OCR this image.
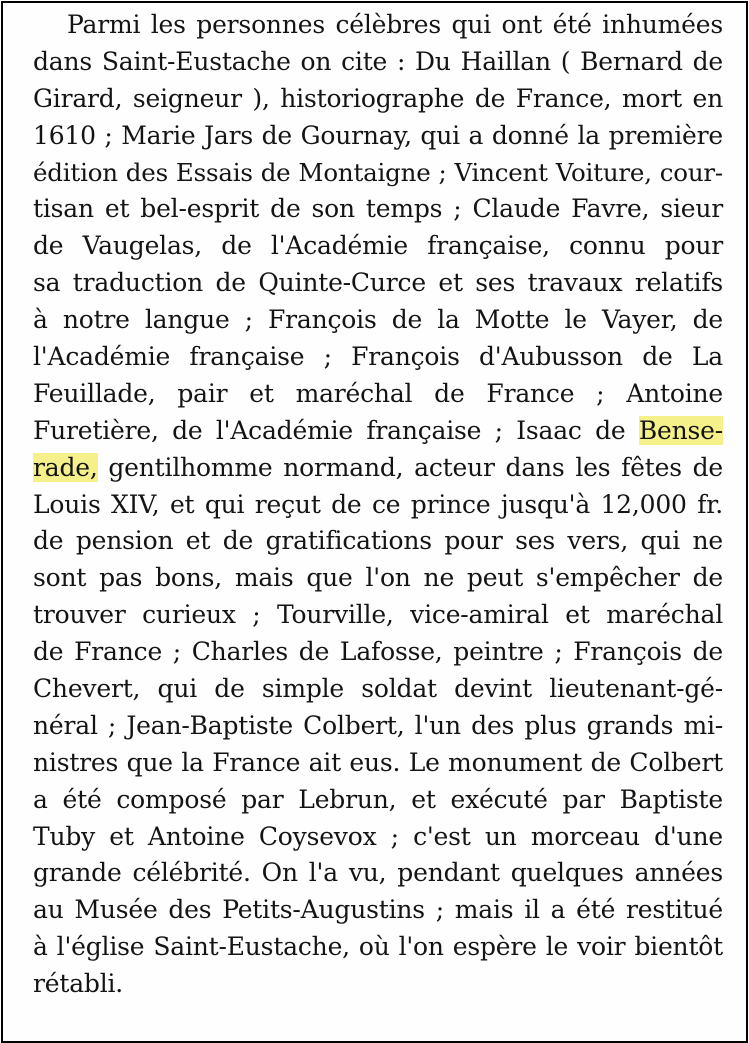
Parmi les personnes célèbres qui ont été inhumées
dans Saint-Eustache on cite : Du Haillan ( Bernard de
Girard, seigneur ), historiographe de France, mort en
1610 ; Marie Jars de Gournay, qui a donné la première
édition des Essais de Montaigne ; Vincent Voiture, cour-
tisan et bel-esprit de son temps ; Claude Favre, sieur
de Vaugelas, de l'Académie française, connu pour
sa traduction de Quinte-Curce et ses travaux relatifs
à notre langue ; François de la Motte le Vayer, de
l'Académie française ; François d'Aubusson de La
Feuillade, pair et maréchal de France ; Antoine
Furetière, de l'Académie française ; Isaac de Bense-
rade, gentilhomme normand, acteur dans les fêtes de
Louis XIV, et qui reçut de ce prince jusqu'à 12,000 fr.
de pension et de gratifications pour ses vers, qui ne
sont pas bons, mais que l'on ne peut s'empêcher de
trouver curieux ; Tourville, vice-amiral et maréchal
de France ; Charles de Lafosse, peintre ; François de
Chevert, qui de simple soldat devint lieutenant-gé-
néral ; Jean-Baptiste Colbert, l'un des plus grands mi-
nistres que la France ait eus. Le monument de Colbert
a été composé par Lebrun, et exécuté par Baptiste
Tuby et Antoine Coysevox ; c'est un morceau d'une
grande célébrité. On l'a vu, pendant quelques années
au Musée des Petits-Augustins ; mais il a été restitué
à l'église Saint-Eustache, où l'on espère le voir bientôt
rétabli.
